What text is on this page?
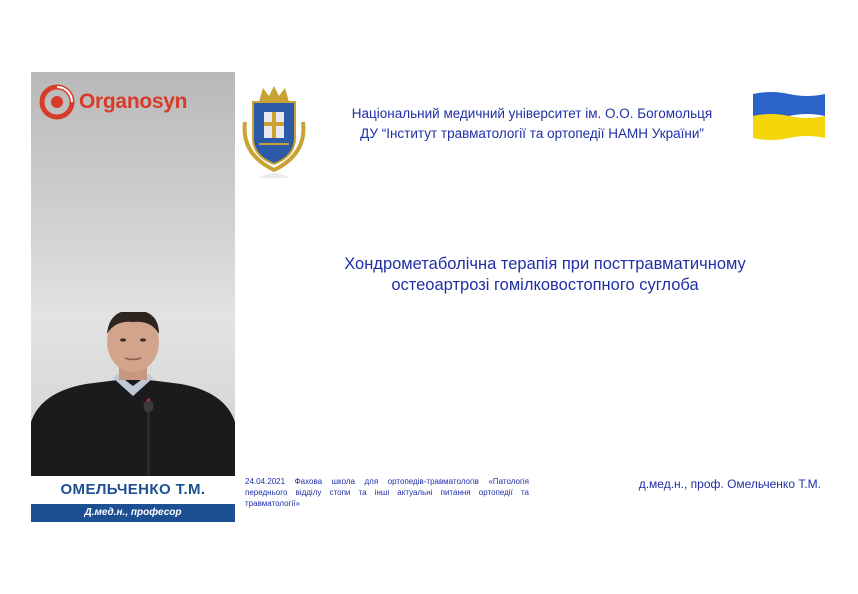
Organosyn
ОМЕЛЬЧЕНКО Т.М.
Д.мед.н., професор
Національний медичний університет ім. О.О. Богомольця
ДУ “Інститут травматології та ортопедії НАМН України”
Хондрометаболічна терапія при посттравматичному
остеоартрозі гомілковостопного суглоба
24.04.2021 Фахова школа для ортопедів-травматологів «Патологія переднього відділу стопи та інші актуальні питання ортопедії та травматології»
д.мед.н., проф. Омельченко Т.М.
